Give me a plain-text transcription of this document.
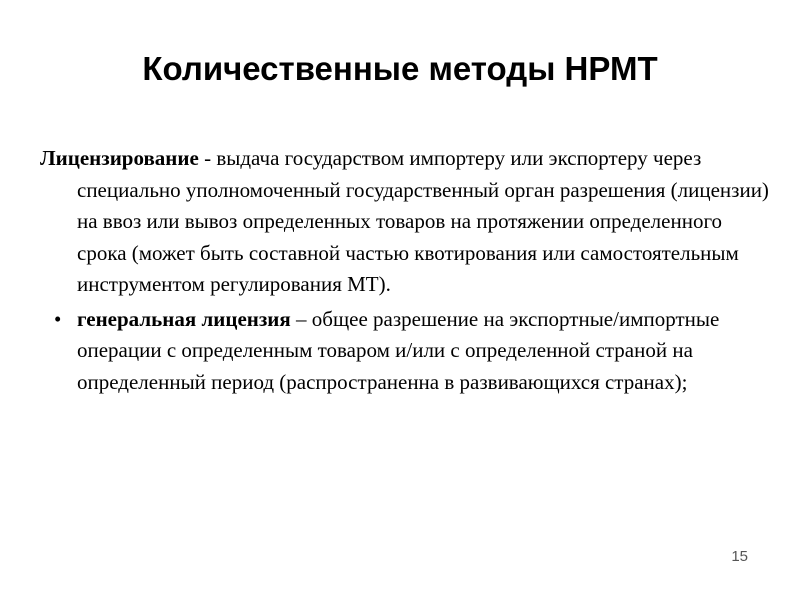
Количественные методы НРМТ

Лицензирование - выдача государством импортеру или экспортеру через специально уполномоченный государственный орган разрешения (лицензии) на ввоз или вывоз определенных товаров на протяжении определенного срока (может быть составной частью квотирования или самостоятельным инструментом регулирования МТ).

• генеральная лицензия – общее разрешение на экспортные/импортные операции с определенным товаром и/или с определенной страной на определенный период (распространенна в развивающихся странах);

15
